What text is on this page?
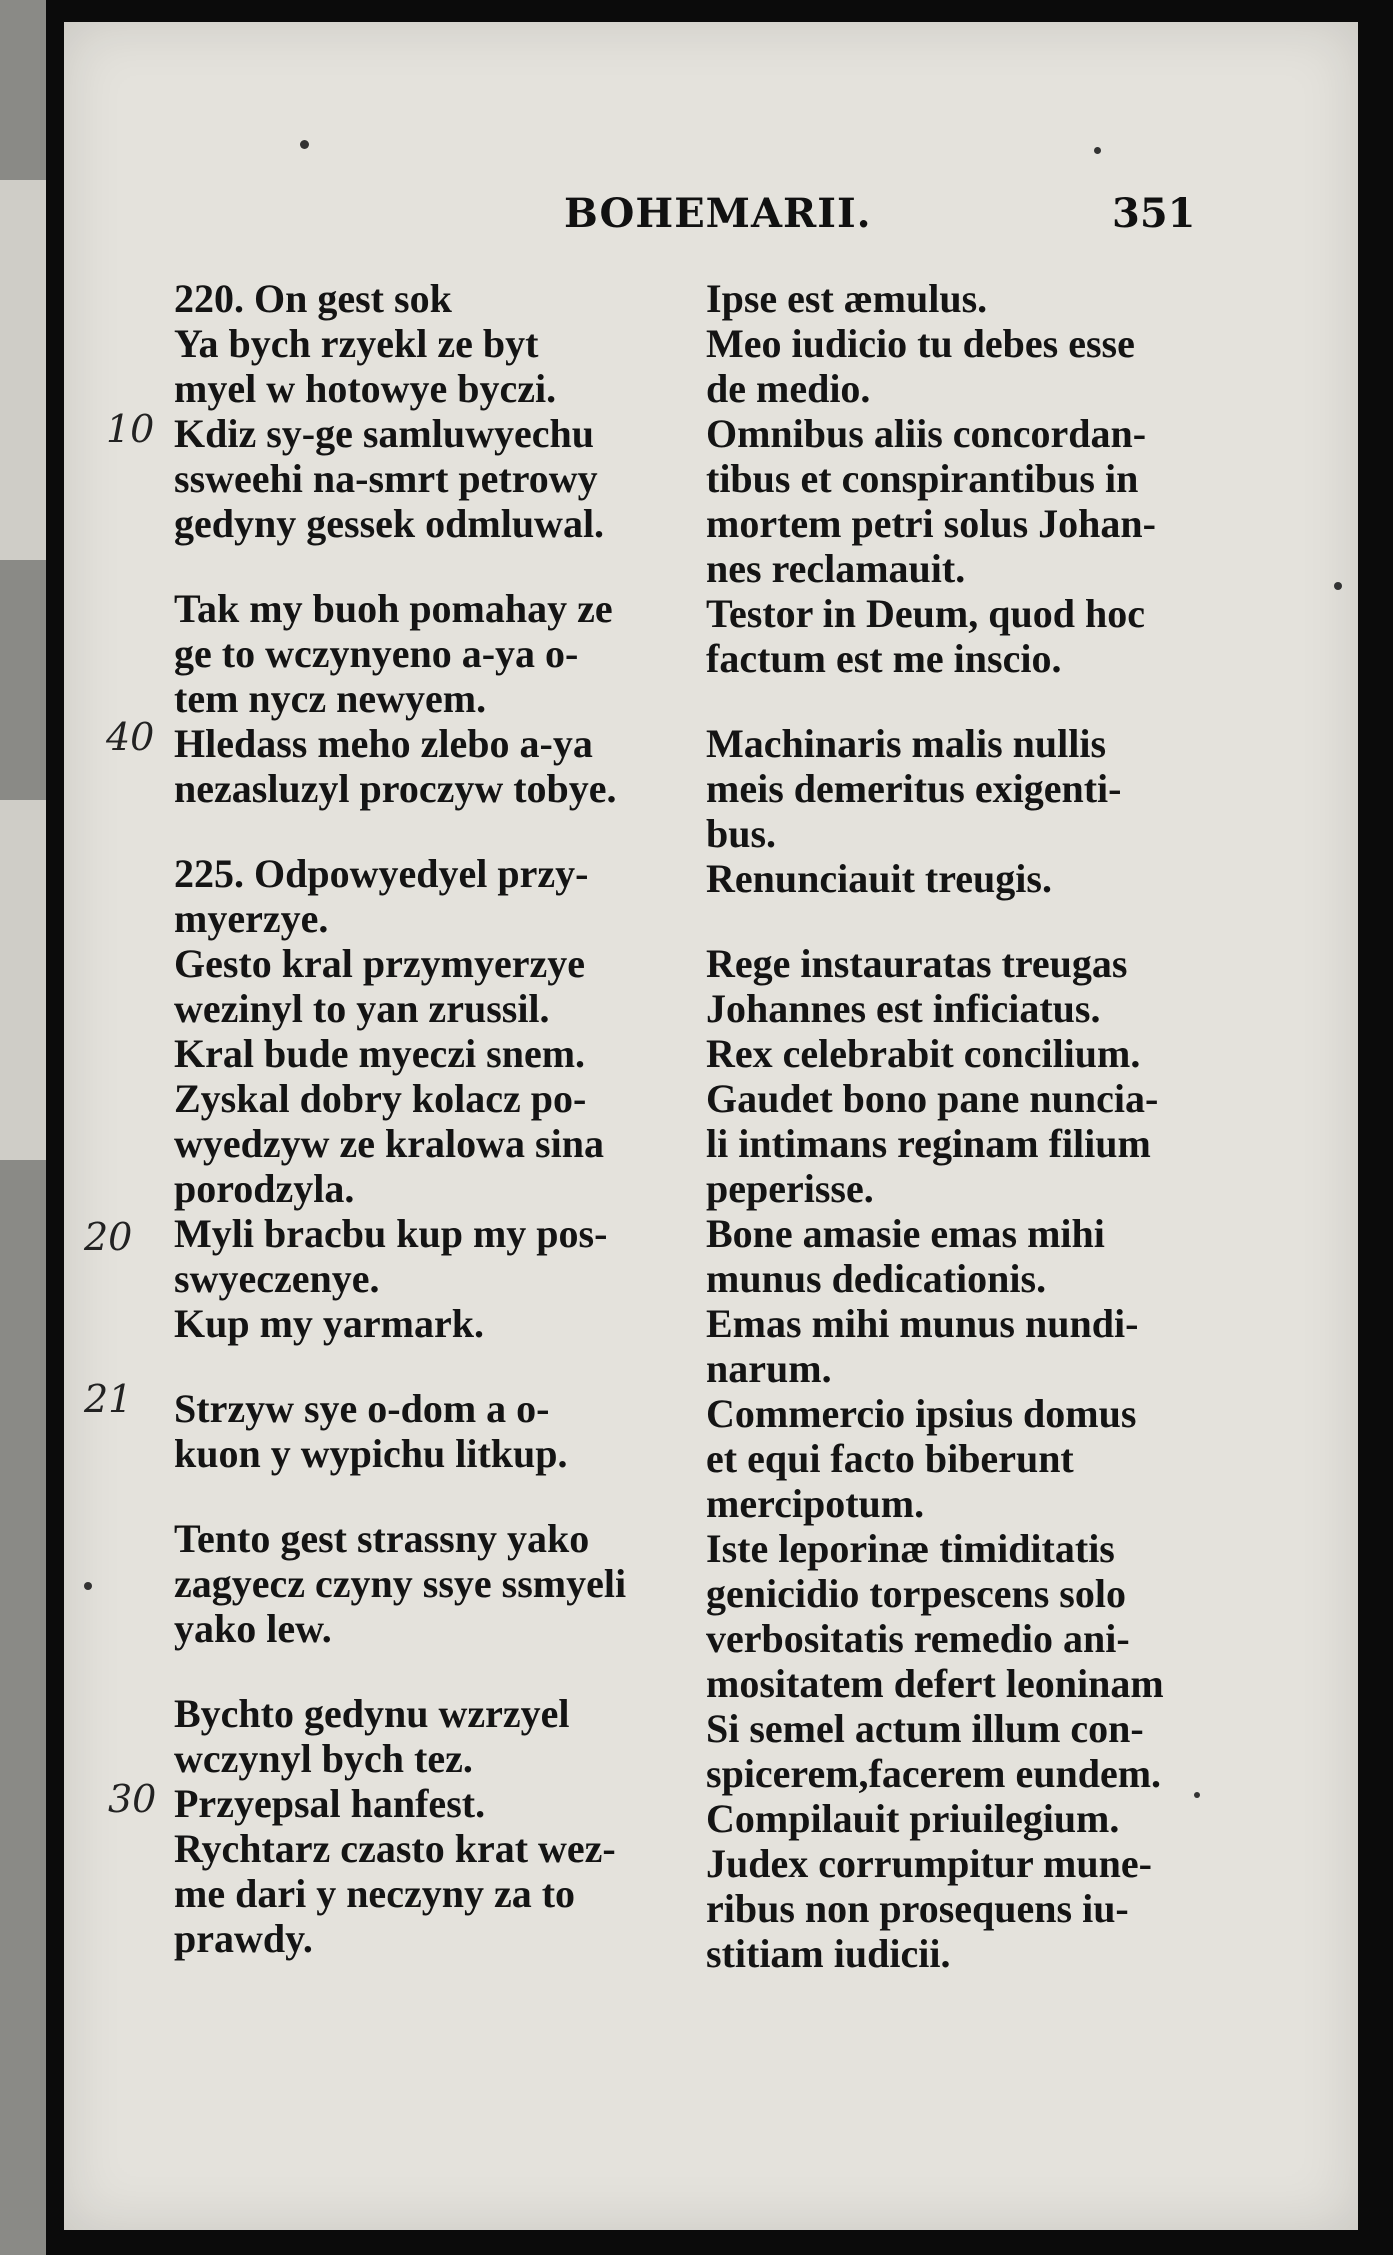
BOHEMARII.	351
10
40
20
21
30
220. On gest sok
Ya bych rzyekl ze byt
myel w hotowye byczi.
Kdiz sy-ge samluwyechu
ssweehi na-smrt petrowy
gedyny gessek odmluwal.
Tak my buoh pomahay ze
ge to wczynyeno a-ya o-
tem nycz newyem.
Hledass meho zlebo a-ya
nezasluzyl proczyw tobye.
225. Odpowyedyel przy-
myerzye.
Gesto kral przymyerzye
wezinyl to yan zrussil.
Kral bude myeczi snem.
Zyskal dobry kolacz po-
wyedzyw ze kralowa sina
porodzyla.
Myli bracbu kup my pos-
swyeczenye.
Kup my yarmark.
Strzyw sye o-dom a o-
kuon y wypichu litkup.
Tento gest strassny yako
zagyecz czyny ssye ssmyeli
yako lew.
Bychto gedynu wzrzyel
wczynyl bych tez.
Przyepsal hanfest.
Rychtarz czasto krat wez-
me dari y neczyny za to
prawdy.
Ipse est æmulus.
Meo iudicio tu debes esse
de medio.
Omnibus aliis concordan-
tibus et conspirantibus in
mortem petri solus Johan-
nes reclamauit.
Testor in Deum, quod hoc
factum est me inscio.
Machinaris malis nullis
meis demeritus exigenti-
bus.
Renunciauit treugis.
Rege instauratas treugas
Johannes est inficiatus.
Rex celebrabit concilium.
Gaudet bono pane nuncia-
li intimans reginam filium
peperisse.
Bone amasie emas mihi
munus dedicationis.
Emas mihi munus nundi-
narum.
Commercio ipsius domus
et equi facto biberunt
mercipotum.
Iste leporinæ timiditatis
genicidio torpescens solo
verbositatis remedio ani-
mositatem defert leoninam
Si semel actum illum con-
spicerem,facerem eundem.
Compilauit priuilegium.
Judex corrumpitur mune-
ribus non prosequens iu-
stitiam iudicii.
